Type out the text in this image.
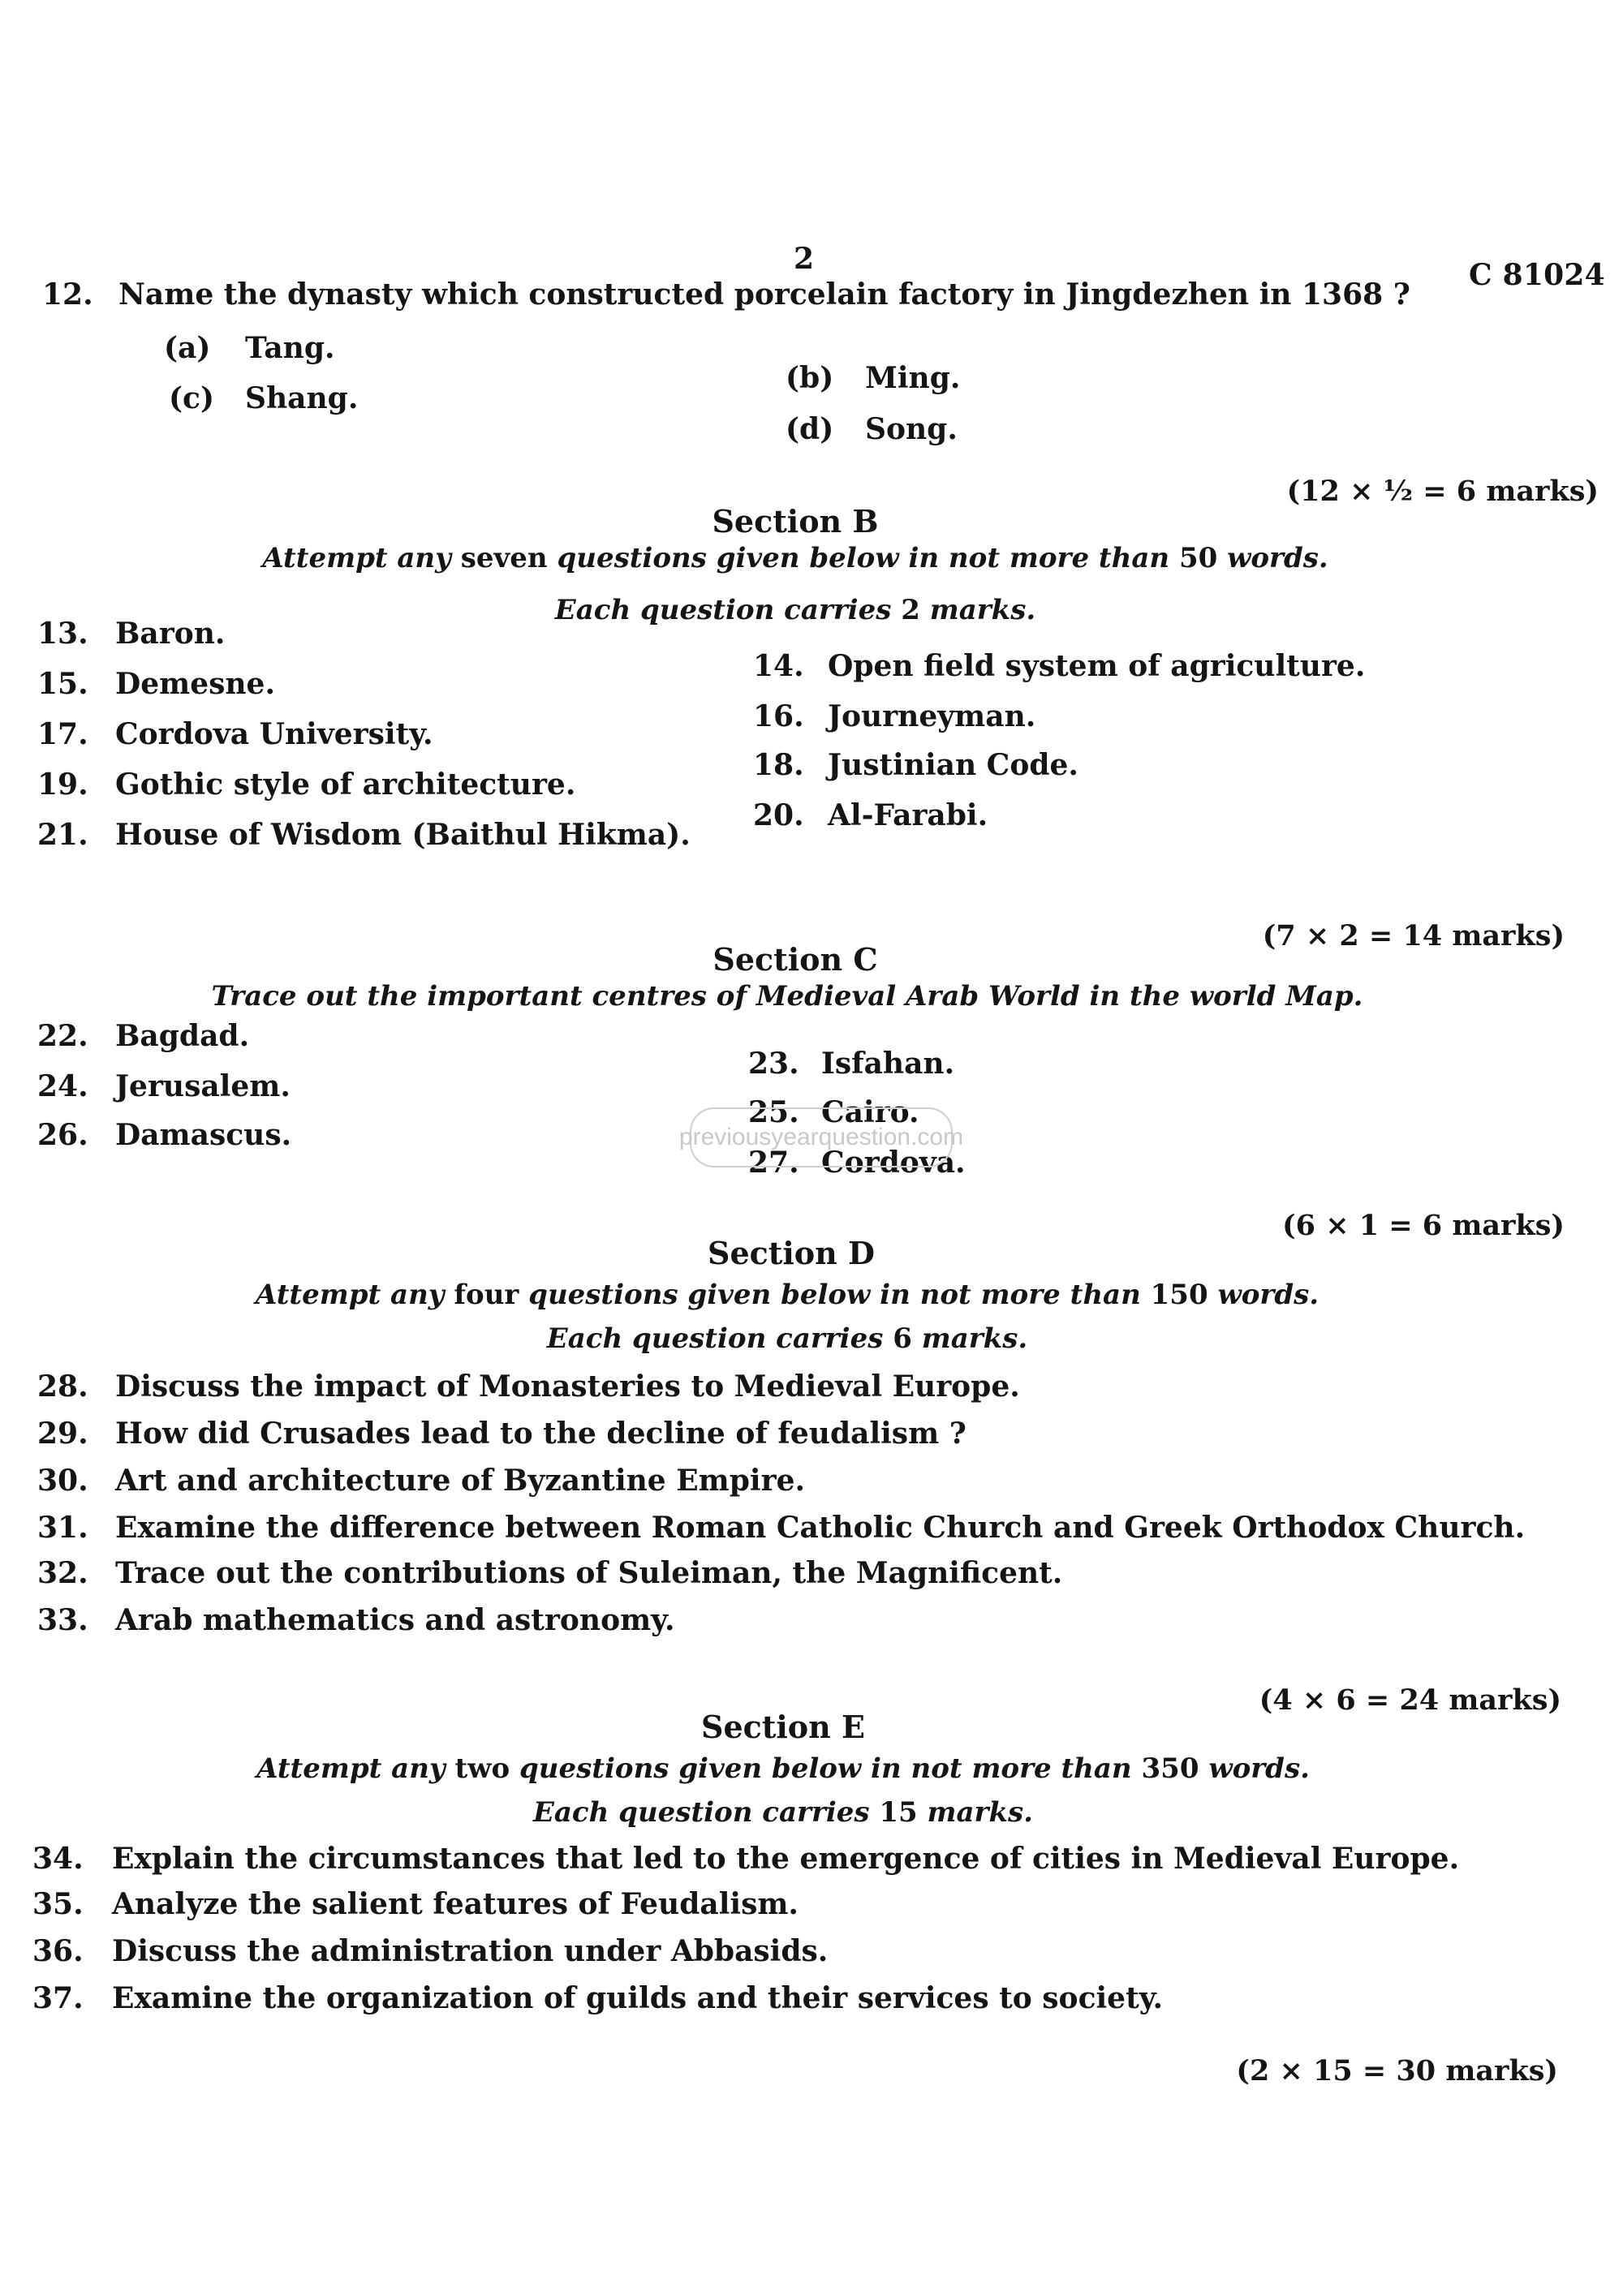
2	C 81024
12. Name the dynasty which constructed porcelain factory in Jingdezhen in 1368 ?
(a) Tang.
(c) Shang.
(b) Ming.
(d) Song.
(12 × ½ = 6 marks)
Section B
Attempt any seven questions given below in not more than 50 words.
Each question carries 2 marks.
13. Baron.
15. Demesne.
17. Cordova University.
19. Gothic style of architecture.
21. House of Wisdom (Baithul Hikma).
14. Open field system of agriculture.
16. Journeyman.
18. Justinian Code.
20. Al-Farabi.
(7 × 2 = 14 marks)
Section C
Trace out the important centres of Medieval Arab World in the world Map.
22. Bagdad.
24. Jerusalem.
26. Damascus.
23. Isfahan.
25. Cairo.
27. Cordova.
previousyearquestion.com
(6 × 1 = 6 marks)
Section D
Attempt any four questions given below in not more than 150 words.
Each question carries 6 marks.
28. Discuss the impact of Monasteries to Medieval Europe.
29. How did Crusades lead to the decline of feudalism ?
30. Art and architecture of Byzantine Empire.
31. Examine the difference between Roman Catholic Church and Greek Orthodox Church.
32. Trace out the contributions of Suleiman, the Magnificent.
33. Arab mathematics and astronomy.
(4 × 6 = 24 marks)
Section E
Attempt any two questions given below in not more than 350 words.
Each question carries 15 marks.
34. Explain the circumstances that led to the emergence of cities in Medieval Europe.
35. Analyze the salient features of Feudalism.
36. Discuss the administration under Abbasids.
37. Examine the organization of guilds and their services to society.
(2 × 15 = 30 marks)
